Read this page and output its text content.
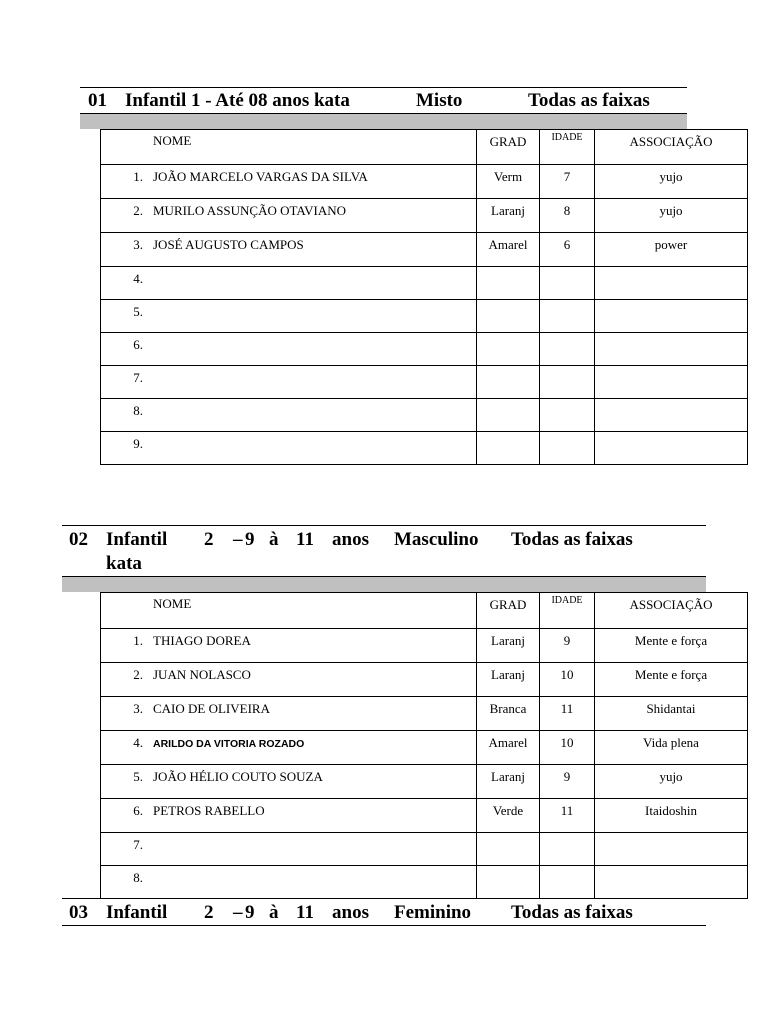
01 Infantil 1 - Até 08 anos kata	Misto	Todas as faixas
NOME	GRAD	IDADE	ASSOCIAÇÃO
1. JOÃO MARCELO VARGAS DA SILVA	Verm	7	yujo
2. MURILO ASSUNÇÃO OTAVIANO	Laranj	8	yujo
3. JOSÉ AUGUSTO CAMPOS	Amarel	6	power
4.			
5.			
6.			
7.			
8.			
9.			
02 Infantil 2 – 9 à 11 anos Masculino Todas as faixas
kata
NOME	GRAD	IDADE	ASSOCIAÇÃO
1. THIAGO DOREA	Laranj	9	Mente e força
2. JUAN NOLASCO	Laranj	10	Mente e força
3. CAIO DE OLIVEIRA	Branca	11	Shidantai
4. ARILDO DA VITORIA ROZADO	Amarel	10	Vida plena
5. JOÃO HÉLIO COUTO SOUZA	Laranj	9	yujo
6. PETROS RABELLO	Verde	11	Itaidoshin
7.			
8.			
03 Infantil 2 – 9 à 11 anos Feminino Todas as faixas
